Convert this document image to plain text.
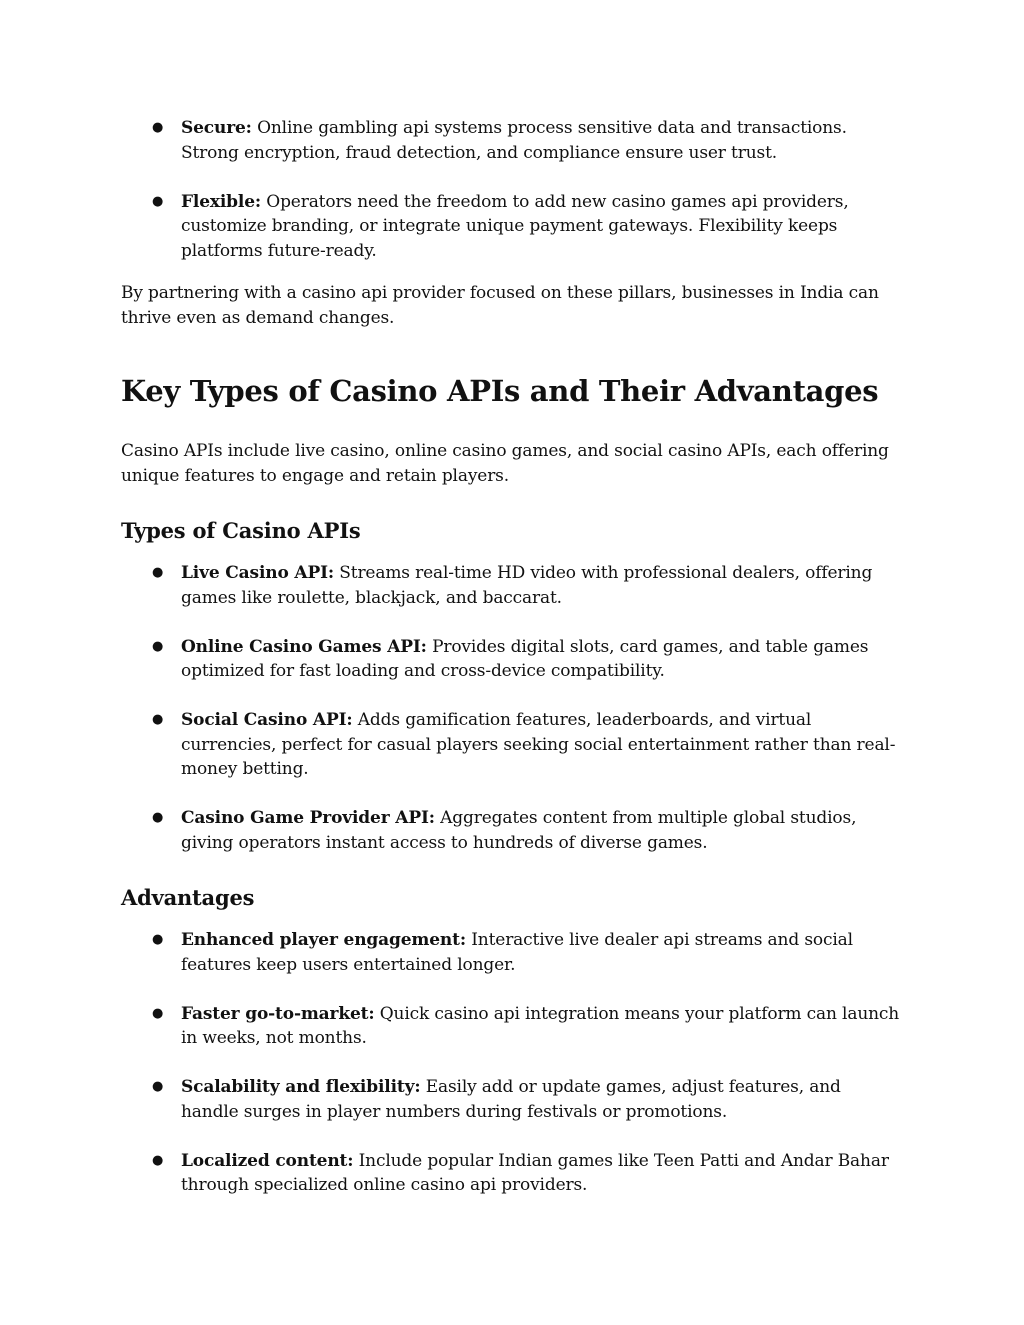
● Secure: Online gambling api systems process sensitive data and transactions. Strong encryption, fraud detection, and compliance ensure user trust.
● Flexible: Operators need the freedom to add new casino games api providers, customize branding, or integrate unique payment gateways. Flexibility keeps platforms future-ready.

By partnering with a casino api provider focused on these pillars, businesses in India can thrive even as demand changes.

Key Types of Casino APIs and Their Advantages

Casino APIs include live casino, online casino games, and social casino APIs, each offering unique features to engage and retain players.

Types of Casino APIs
● Live Casino API: Streams real-time HD video with professional dealers, offering games like roulette, blackjack, and baccarat.
● Online Casino Games API: Provides digital slots, card games, and table games optimized for fast loading and cross-device compatibility.
● Social Casino API: Adds gamification features, leaderboards, and virtual currencies, perfect for casual players seeking social entertainment rather than real-money betting.
● Casino Game Provider API: Aggregates content from multiple global studios, giving operators instant access to hundreds of diverse games.
Advantages
● Enhanced player engagement: Interactive live dealer api streams and social features keep users entertained longer.
● Faster go-to-market: Quick casino api integration means your platform can launch in weeks, not months.
● Scalability and flexibility: Easily add or update games, adjust features, and handle surges in player numbers during festivals or promotions.
● Localized content: Include popular Indian games like Teen Patti and Andar Bahar through specialized online casino api providers.
